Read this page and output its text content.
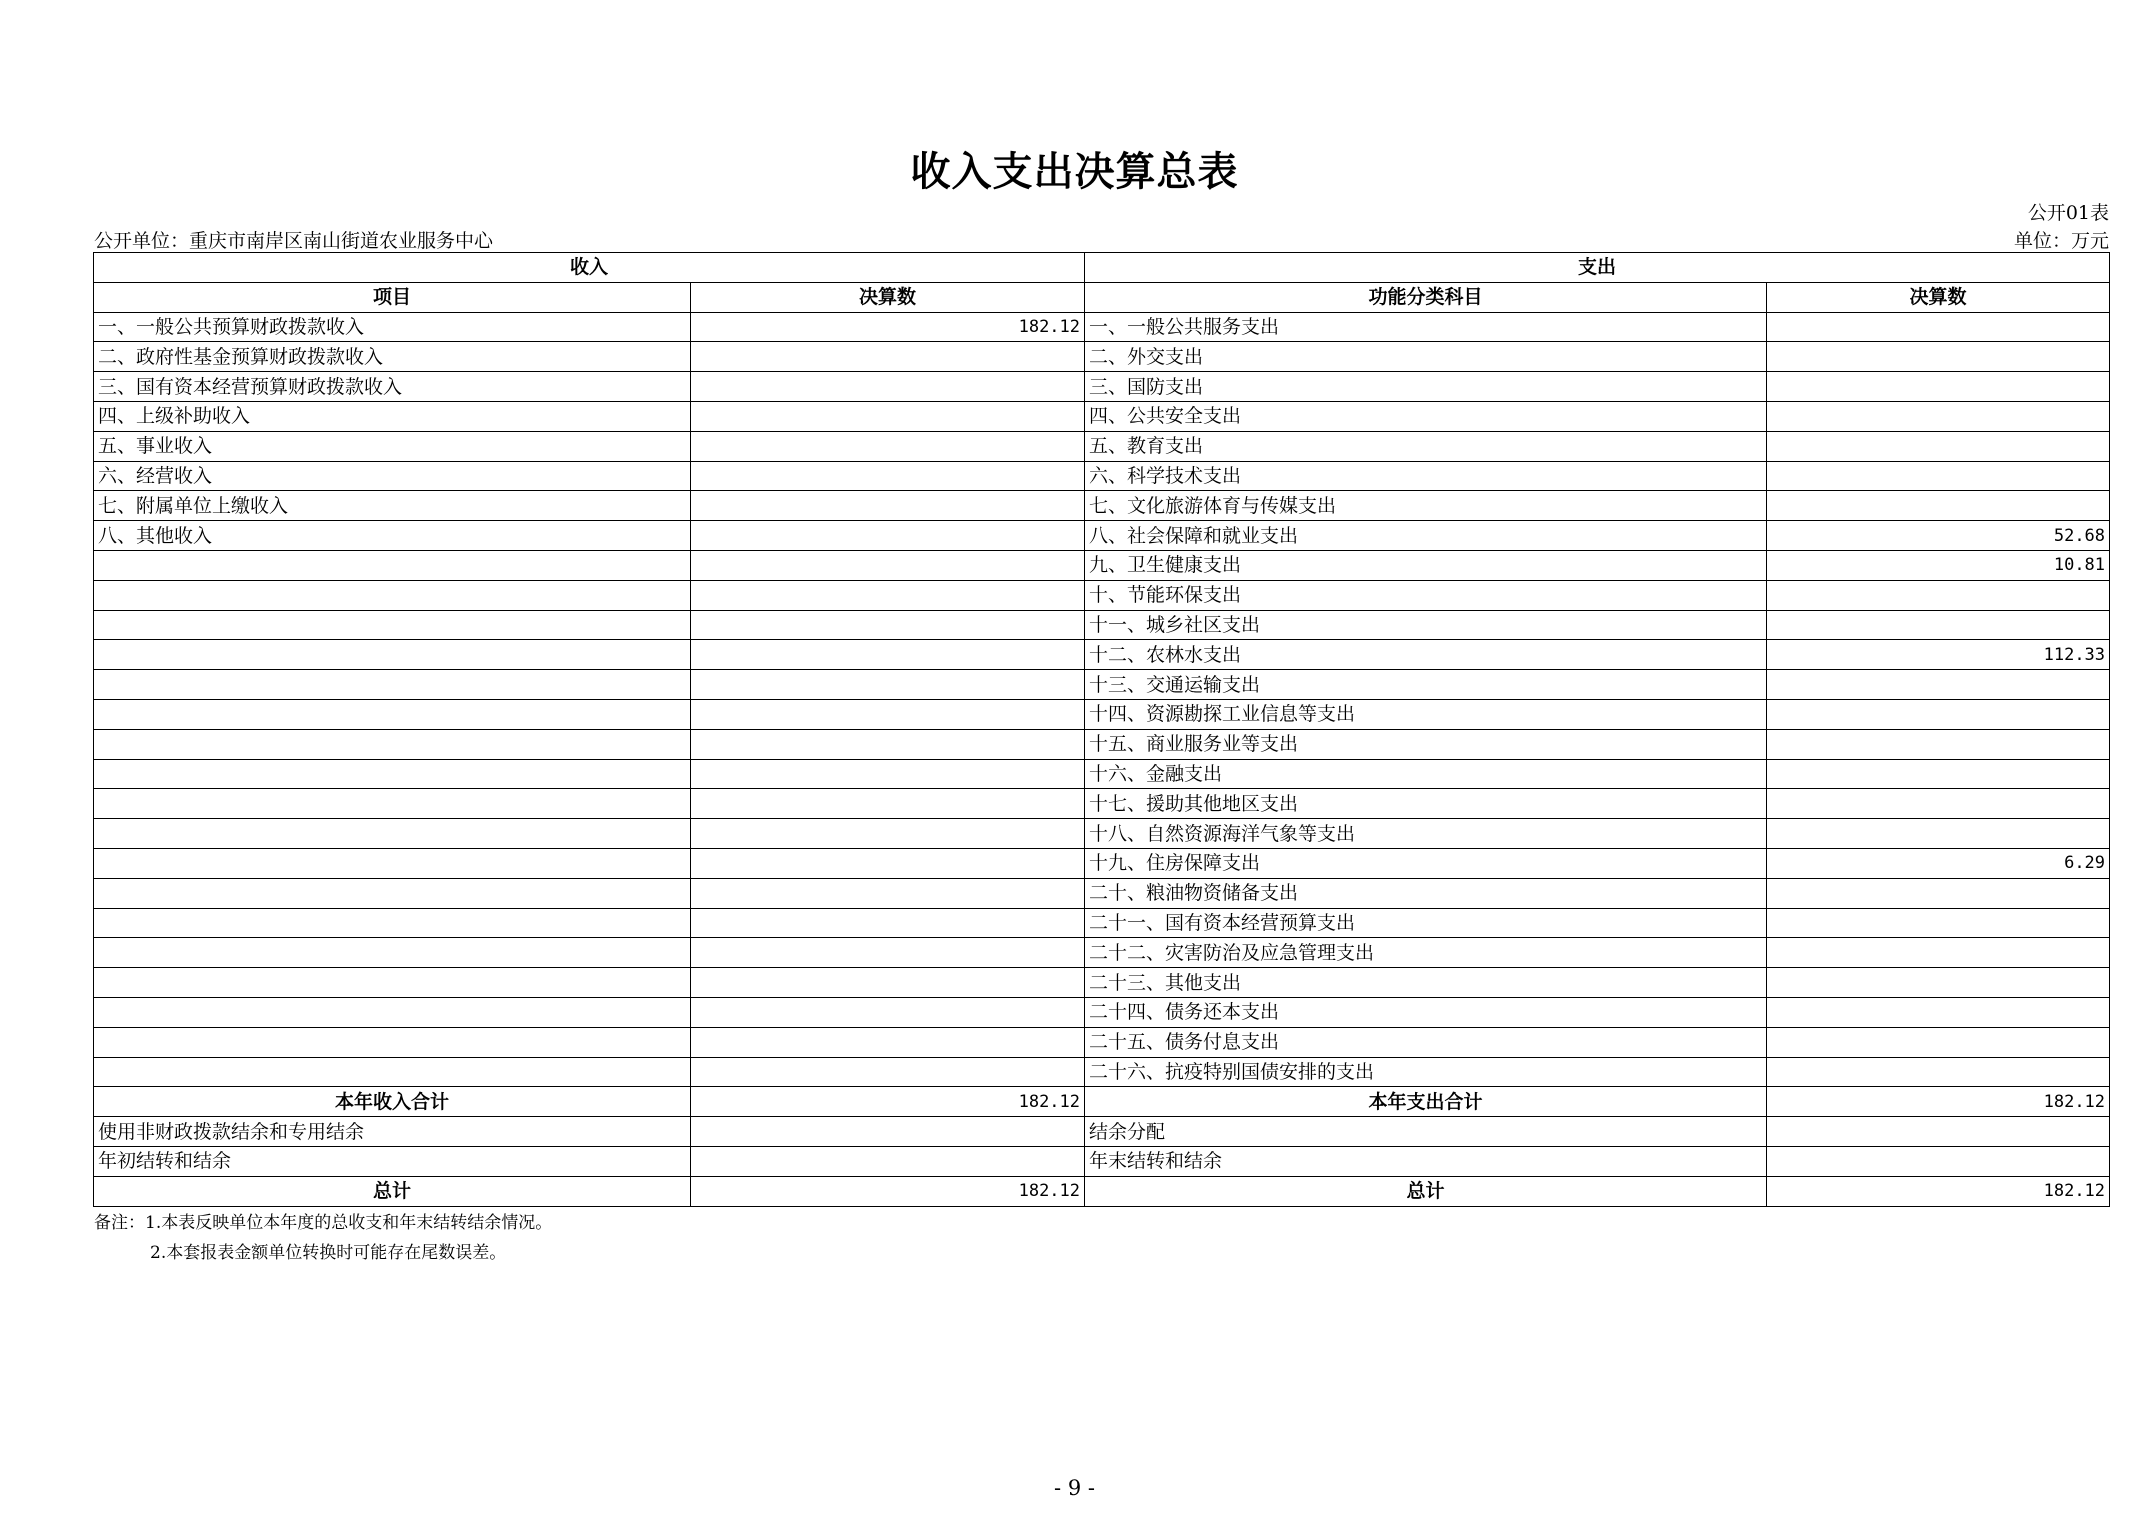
收入支出决算总表
公开01表
公开单位：重庆市南岸区南山街道农业服务中心	单位：万元
收入		支出	
项目	决算数	功能分类科目	决算数
一、一般公共预算财政拨款收入	182.12	一、一般公共服务支出	
二、政府性基金预算财政拨款收入		二、外交支出	
三、国有资本经营预算财政拨款收入		三、国防支出	
四、上级补助收入		四、公共安全支出	
五、事业收入		五、教育支出	
六、经营收入		六、科学技术支出	
七、附属单位上缴收入		七、文化旅游体育与传媒支出	
八、其他收入		八、社会保障和就业支出	52.68
		九、卫生健康支出	10.81
		十、节能环保支出	
		十一、城乡社区支出	
		十二、农林水支出	112.33
		十三、交通运输支出	
		十四、资源勘探工业信息等支出	
		十五、商业服务业等支出	
		十六、金融支出	
		十七、援助其他地区支出	
		十八、自然资源海洋气象等支出	
		十九、住房保障支出	6.29
		二十、粮油物资储备支出	
		二十一、国有资本经营预算支出	
		二十二、灾害防治及应急管理支出	
		二十三、其他支出	
		二十四、债务还本支出	
		二十五、债务付息支出	
		二十六、抗疫特别国债安排的支出	
本年收入合计	182.12	本年支出合计	182.12
使用非财政拨款结余和专用结余		结余分配	
年初结转和结余		年末结转和结余	
总计	182.12	总计	182.12
备注：1.本表反映单位本年度的总收支和年末结转结余情况。
2.本套报表金额单位转换时可能存在尾数误差。
- 9 -
